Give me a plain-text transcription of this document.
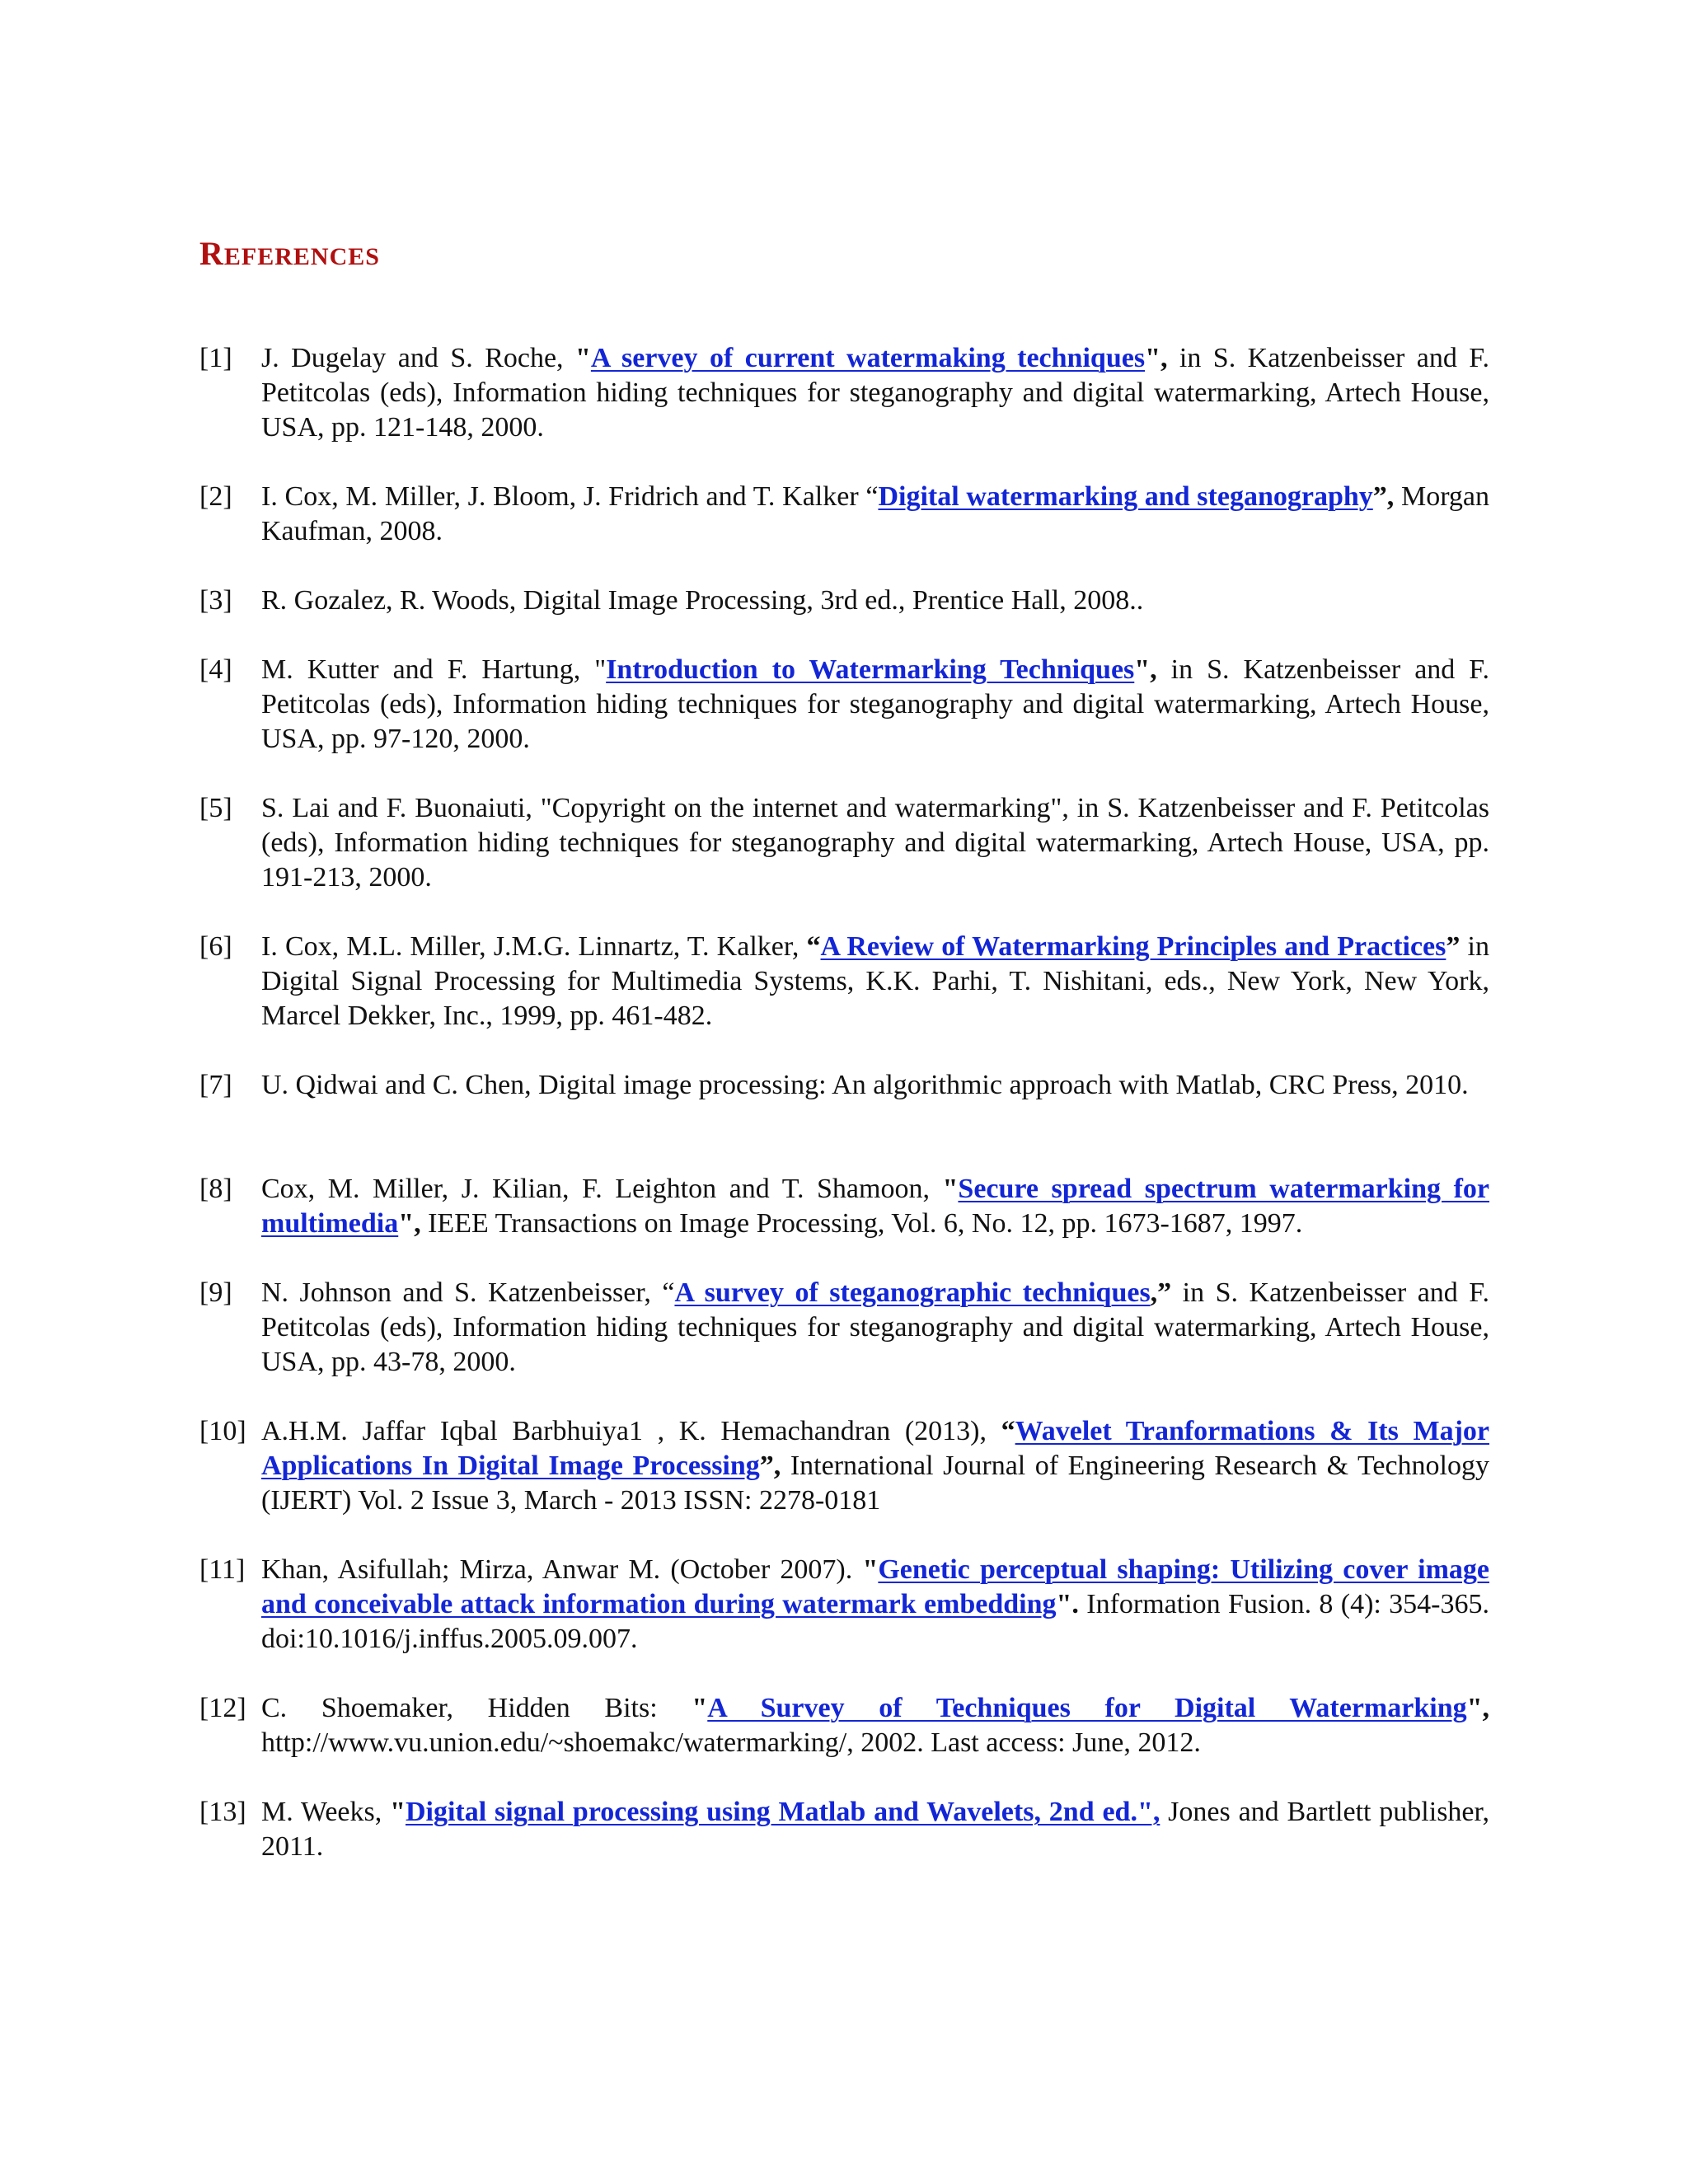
REFERENCES
[1]	J. Dugelay and S. Roche, "A servey of current watermaking techniques", in S. Katzenbeisser and F. Petitcolas (eds), Information hiding techniques for steganography and digital watermarking, Artech House, USA, pp. 121-148, 2000.
[2]	I. Cox, M. Miller, J. Bloom, J. Fridrich and T. Kalker “Digital watermarking and steganography”, Morgan Kaufman, 2008.
[3]	R. Gozalez, R. Woods, Digital Image Processing, 3rd ed., Prentice Hall, 2008..
[4]	M. Kutter and F. Hartung, "Introduction to Watermarking Techniques", in S. Katzenbeisser and F. Petitcolas (eds), Information hiding techniques for steganography and digital watermarking, Artech House, USA, pp. 97-120, 2000.
[5]	S. Lai and F. Buonaiuti, "Copyright on the internet and watermarking", in S. Katzenbeisser and F. Petitcolas (eds), Information hiding techniques for steganography and digital watermarking, Artech House, USA, pp. 191-213, 2000.
[6]	I. Cox, M.L. Miller, J.M.G. Linnartz, T. Kalker, “A Review of Watermarking Principles and Practices” in Digital Signal Processing for Multimedia Systems, K.K. Parhi, T. Nishitani, eds., New York, New York, Marcel Dekker, Inc., 1999, pp. 461-482.
[7]	U. Qidwai and C. Chen, Digital image processing: An algorithmic approach with Matlab, CRC Press, 2010.
[8]	Cox, M. Miller, J. Kilian, F. Leighton and T. Shamoon, "Secure spread spectrum watermarking for multimedia", IEEE Transactions on Image Processing, Vol. 6, No. 12, pp. 1673-1687, 1997.
[9]	N. Johnson and S. Katzenbeisser, “A survey of steganographic techniques,” in S. Katzenbeisser and F. Petitcolas (eds), Information hiding techniques for steganography and digital watermarking, Artech House, USA, pp. 43-78, 2000.
[10] A.H.M. Jaffar Iqbal Barbhuiya1 , K. Hemachandran (2013), “Wavelet Tranformations & Its Major Applications In Digital Image Processing”, International Journal of Engineering Research & Technology (IJERT) Vol. 2 Issue 3, March - 2013 ISSN: 2278-0181
[11] Khan, Asifullah; Mirza, Anwar M. (October 2007). "Genetic perceptual shaping: Utilizing cover image and conceivable attack information during watermark embedding". Information Fusion. 8 (4): 354-365. doi:10.1016/j.inffus.2005.09.007.
[12] C. Shoemaker, Hidden Bits: "A Survey of Techniques for Digital Watermarking", http://www.vu.union.edu/~shoemakc/watermarking/, 2002. Last access: June, 2012.
[13] M. Weeks, "Digital signal processing using Matlab and Wavelets, 2nd ed.", Jones and Bartlett publisher, 2011.
